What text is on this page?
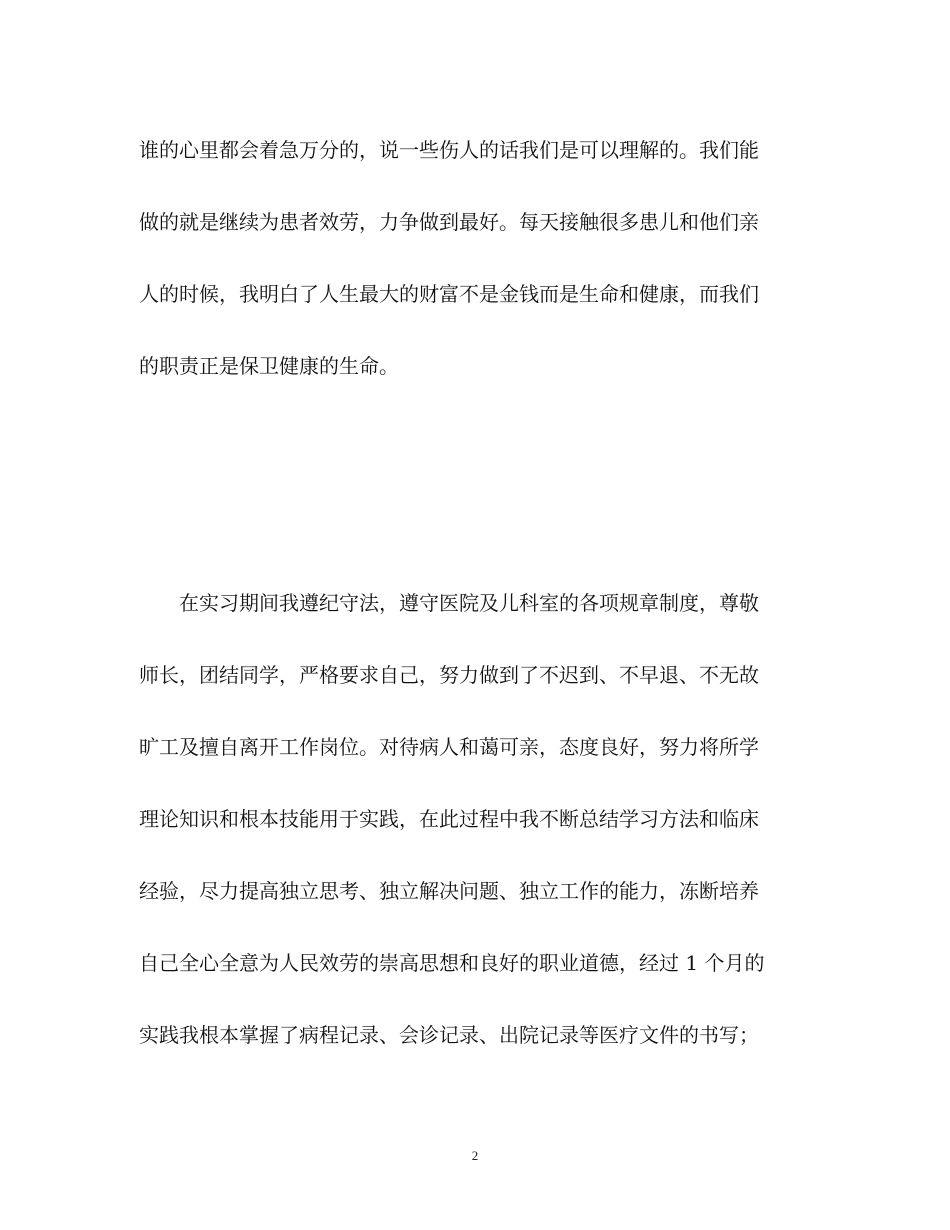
谁的心里都会着急万分的，说一些伤人的话我们是可以理解的。我们能
做的就是继续为患者效劳，力争做到最好。每天接触很多患儿和他们亲
人的时候，我明白了人生最大的财富不是金钱而是生命和健康，而我们
的职责正是保卫健康的生命。
　　在实习期间我遵纪守法，遵守医院及儿科室的各项规章制度，尊敬
师长，团结同学，严格要求自己，努力做到了不迟到、不早退、不无故
旷工及擅自离开工作岗位。对待病人和蔼可亲，态度良好，努力将所学
理论知识和根本技能用于实践，在此过程中我不断总结学习方法和临床
经验，尽力提高独立思考、独立解决问题、独立工作的能力，冻断培养
自己全心全意为人民效劳的崇高思想和良好的职业道德，经过 1 个月的
实践我根本掌握了病程记录、会诊记录、出院记录等医疗文件的书写；
2
